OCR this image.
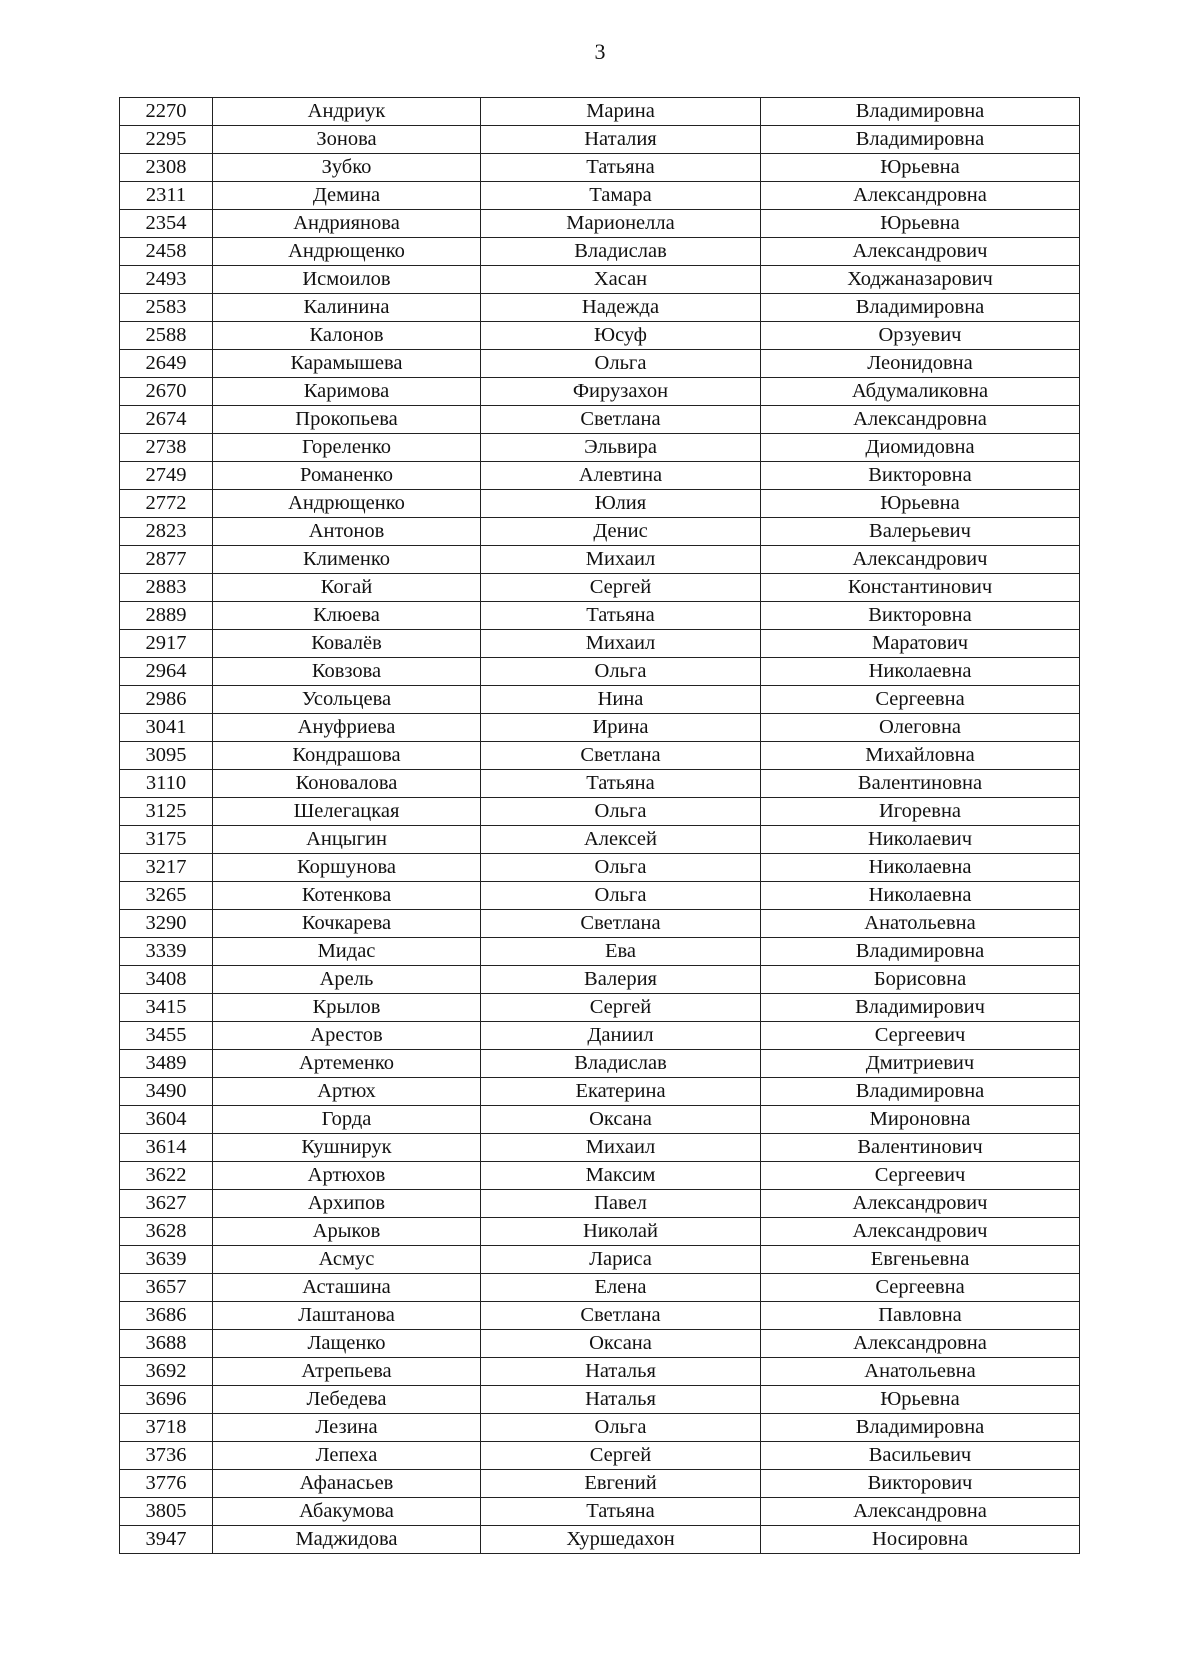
3
2270	Андриук	Марина	Владимировна
2295	Зонова	Наталия	Владимировна
2308	Зубко	Татьяна	Юрьевна
2311	Демина	Тамара	Александровна
2354	Андриянова	Марионелла	Юрьевна
2458	Андрющенко	Владислав	Александрович
2493	Исмоилов	Хасан	Ходжаназарович
2583	Калинина	Надежда	Владимировна
2588	Калонов	Юсуф	Орзуевич
2649	Карамышева	Ольга	Леонидовна
2670	Каримова	Фирузахон	Абдумаликовна
2674	Прокопьева	Светлана	Александровна
2738	Гореленко	Эльвира	Диомидовна
2749	Романенко	Алевтина	Викторовна
2772	Андрющенко	Юлия	Юрьевна
2823	Антонов	Денис	Валерьевич
2877	Клименко	Михаил	Александрович
2883	Когай	Сергей	Константинович
2889	Клюева	Татьяна	Викторовна
2917	Ковалёв	Михаил	Маратович
2964	Ковзова	Ольга	Николаевна
2986	Усольцева	Нина	Сергеевна
3041	Ануфриева	Ирина	Олеговна
3095	Кондрашова	Светлана	Михайловна
3110	Коновалова	Татьяна	Валентиновна
3125	Шелегацкая	Ольга	Игоревна
3175	Анцыгин	Алексей	Николаевич
3217	Коршунова	Ольга	Николаевна
3265	Котенкова	Ольга	Николаевна
3290	Кочкарева	Светлана	Анатольевна
3339	Мидас	Ева	Владимировна
3408	Арель	Валерия	Борисовна
3415	Крылов	Сергей	Владимирович
3455	Арестов	Даниил	Сергеевич
3489	Артеменко	Владислав	Дмитриевич
3490	Артюх	Екатерина	Владимировна
3604	Горда	Оксана	Мироновна
3614	Кушнирук	Михаил	Валентинович
3622	Артюхов	Максим	Сергеевич
3627	Архипов	Павел	Александрович
3628	Арыков	Николай	Александрович
3639	Асмус	Лариса	Евгеньевна
3657	Асташина	Елена	Сергеевна
3686	Лаштанова	Светлана	Павловна
3688	Лащенко	Оксана	Александровна
3692	Атрепьева	Наталья	Анатольевна
3696	Лебедева	Наталья	Юрьевна
3718	Лезина	Ольга	Владимировна
3736	Лепеха	Сергей	Васильевич
3776	Афанасьев	Евгений	Викторович
3805	Абакумова	Татьяна	Александровна
3947	Маджидова	Хуршедахон	Носировна
